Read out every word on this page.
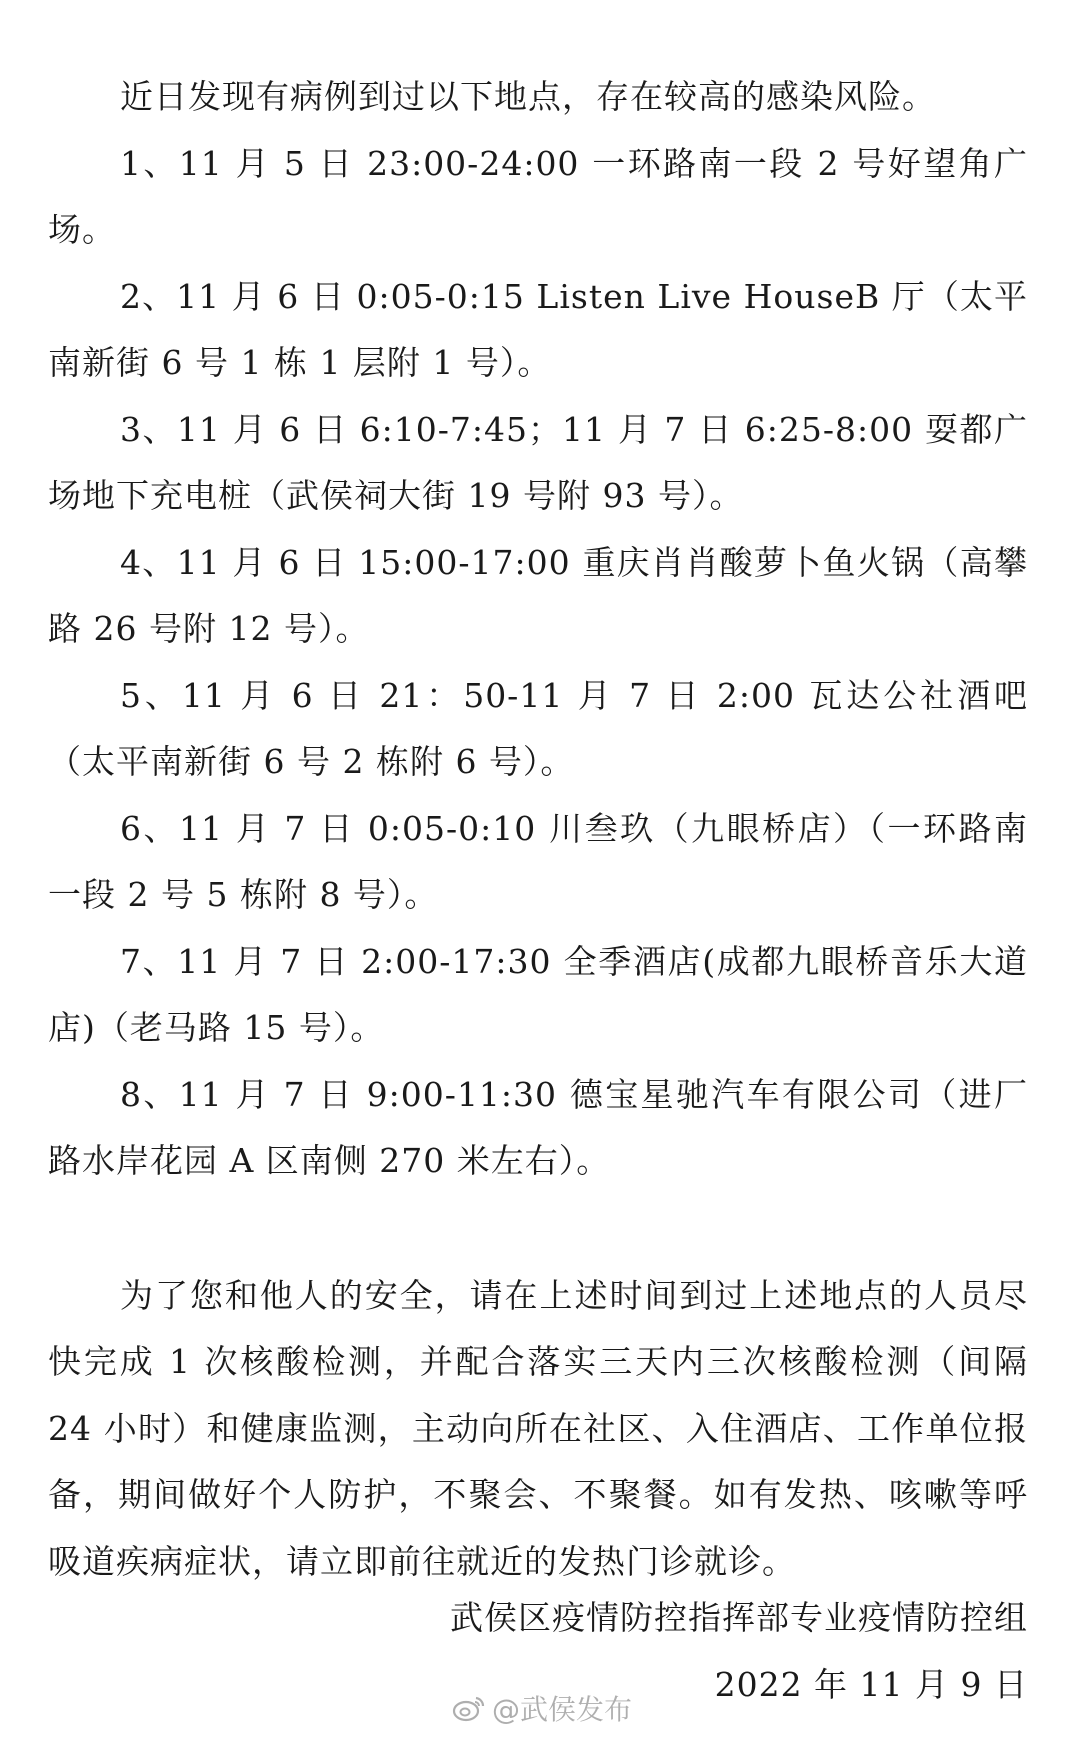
近日发现有病例到过以下地点，存在较高的感染风险。

1、11 月 5 日 23:00-24:00 一环路南一段 2 号好望角广场。

2、11 月 6 日 0:05-0:15 Listen Live HouseB 厅（太平南新街 6 号 1 栋 1 层附 1 号）。

3、11 月 6 日 6:10-7:45；11 月 7 日 6:25-8:00 耍都广场地下充电桩（武侯祠大街 19 号附 93 号）。

4、11 月 6 日 15:00-17:00 重庆肖肖酸萝卜鱼火锅（高攀路 26 号附 12 号）。

5、11 月 6 日 21：50-11 月 7 日 2:00 瓦达公社酒吧（太平南新街 6 号 2 栋附 6 号）。

6、11 月 7 日 0:05-0:10 川叁玖（九眼桥店）（一环路南一段 2 号 5 栋附 8 号）。

7、11 月 7 日 2:00-17:30 全季酒店(成都九眼桥音乐大道店)（老马路 15 号）。

8、11 月 7 日 9:00-11:30 德宝星驰汽车有限公司（进厂路水岸花园 A 区南侧 270 米左右）。

为了您和他人的安全，请在上述时间到过上述地点的人员尽快完成 1 次核酸检测，并配合落实三天内三次核酸检测（间隔 24 小时）和健康监测，主动向所在社区、入住酒店、工作单位报备，期间做好个人防护，不聚会、不聚餐。如有发热、咳嗽等呼吸道疾病症状，请立即前往就近的发热门诊就诊。

武侯区疫情防控指挥部专业疫情防控组
2022 年 11 月 9 日
@武侯发布
